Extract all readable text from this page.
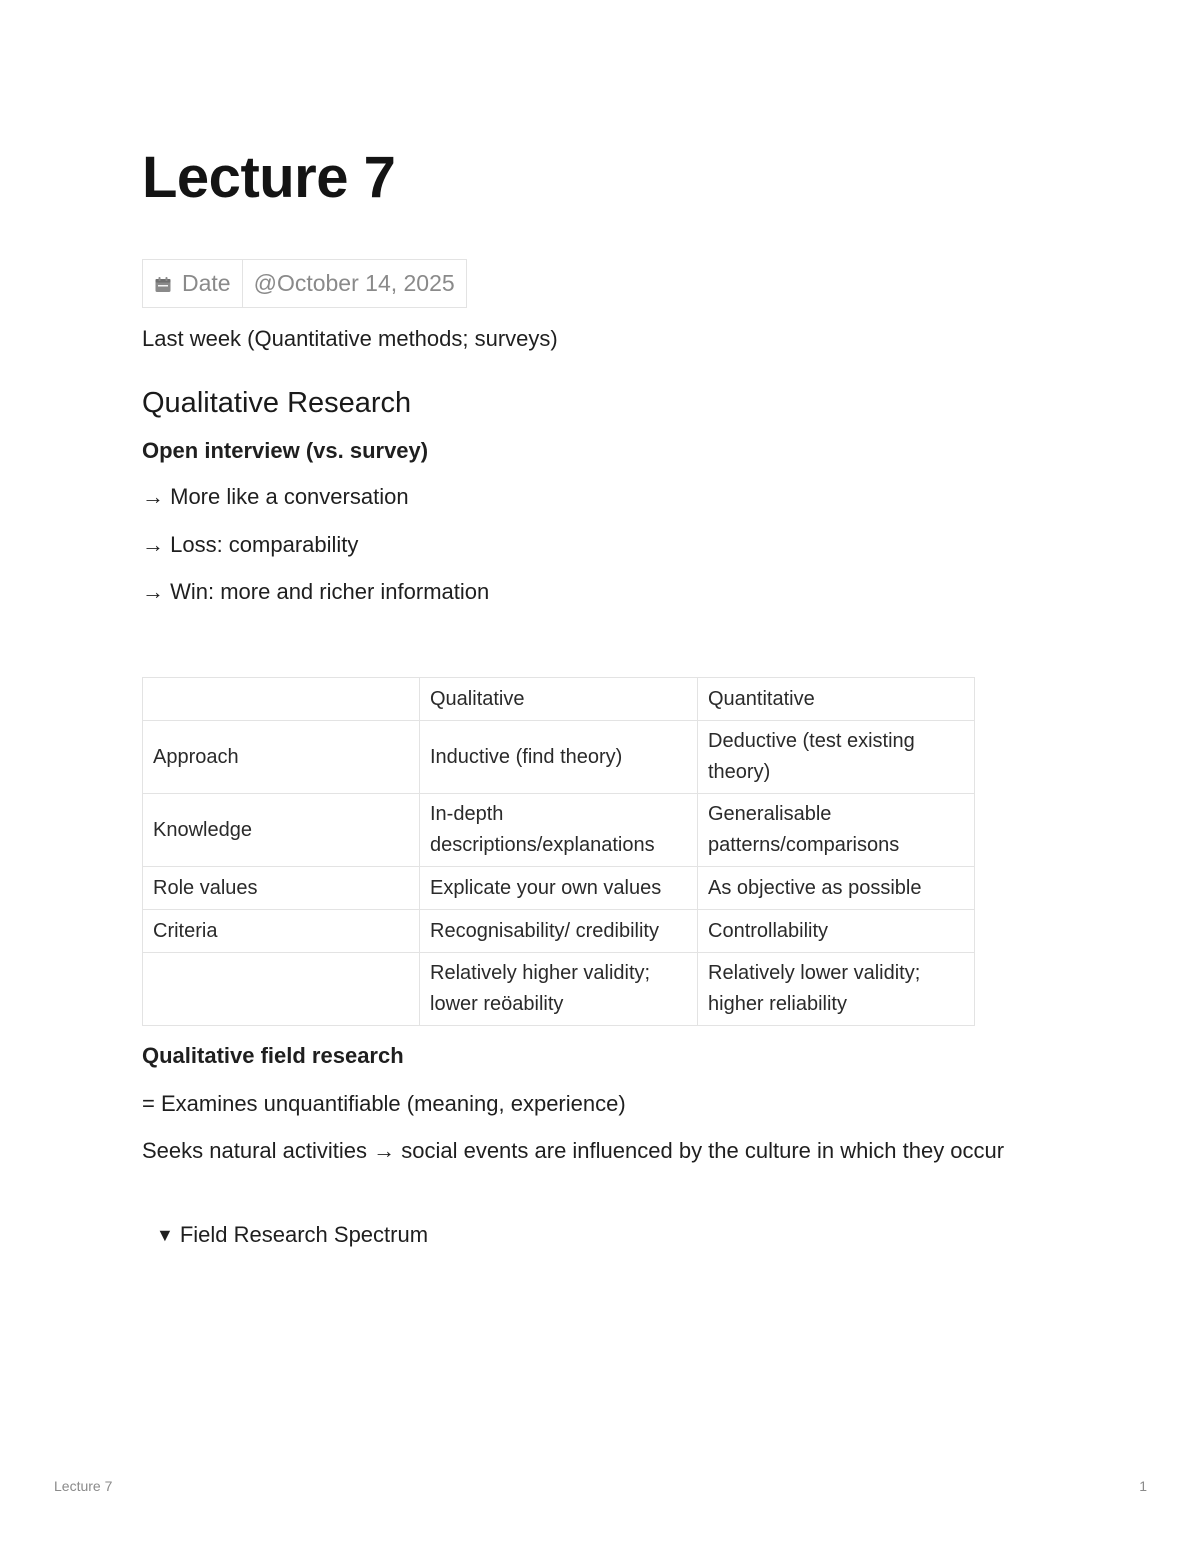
Lecture 7
Date	@October 14, 2025

Last week (Quantitative methods; surveys)

Qualitative Research

Open interview (vs. survey)

→ More like a conversation

→ Loss: comparability

→ Win: more and richer information

	Qualitative	Quantitative
Approach	Inductive (find theory)	Deductive (test existing theory)
Knowledge	In-depth descriptions/explanations	Generalisable patterns/comparisons
Role values	Explicate your own values	As objective as possible
Criteria	Recognisability/ credibility	Controllability
	Relatively higher validity; lower reöability	Relatively lower validity; higher reliability

Qualitative field research

= Examines unquantifiable (meaning, experience)

Seeks natural activities → social events are influenced by the culture in which they occur

▼ Field Research Spectrum
Lecture 7	1
